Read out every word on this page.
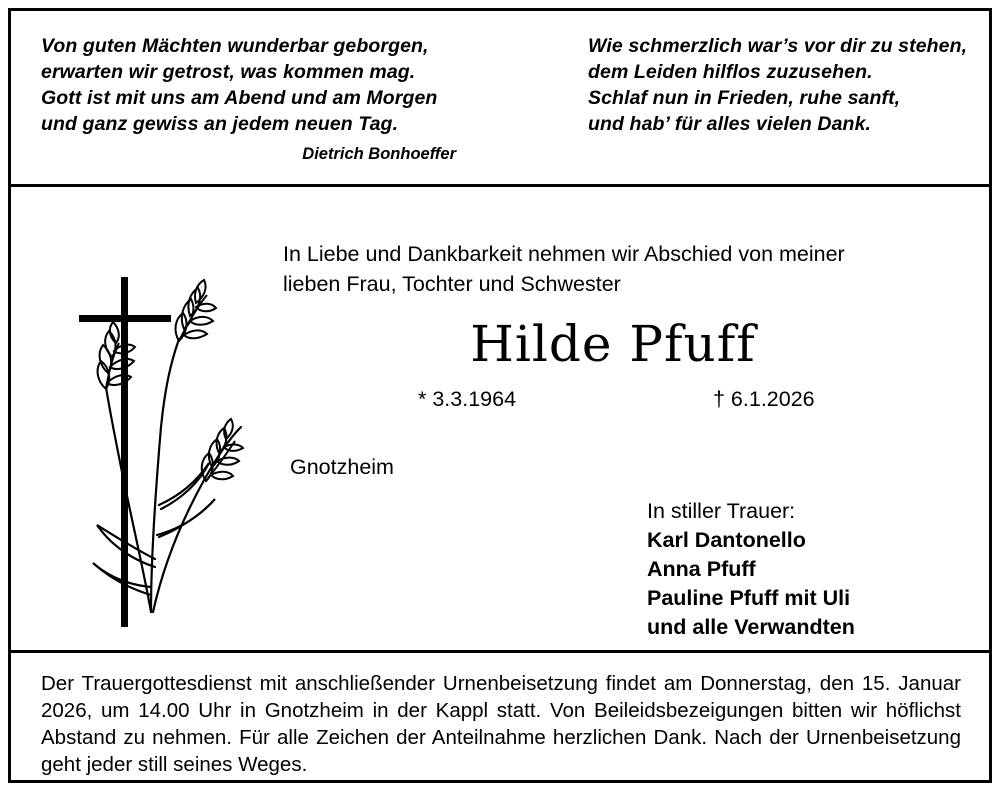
Von guten Mächten wunderbar geborgen,
erwarten wir getrost, was kommen mag.
Gott ist mit uns am Abend und am Morgen
und ganz gewiss an jedem neuen Tag.
Wie schmerzlich war’s vor dir zu stehen,
dem Leiden hilflos zuzusehen.
Schlaf nun in Frieden, ruhe sanft,
und hab’ für alles vielen Dank.
Dietrich Bonhoeffer
In Liebe und Dankbarkeit nehmen wir Abschied von meiner
lieben Frau, Tochter und Schwester
Hilde Pfuff
* 3.3.1964	† 6.1.2026
Gnotzheim
In stiller Trauer:
Karl Dantonello
Anna Pfuff
Pauline Pfuff mit Uli
und alle Verwandten

Der Trauergottesdienst mit anschließender Urnenbeisetzung findet am Donnerstag, den 15. Januar 2026, um 14.00 Uhr in Gnotzheim in der Kappl statt. Von Beileidsbezeigungen bitten wir höflichst Abstand zu nehmen. Für alle Zeichen der Anteilnahme herzlichen Dank. Nach der Urnenbeisetzung geht jeder still seines Weges.
